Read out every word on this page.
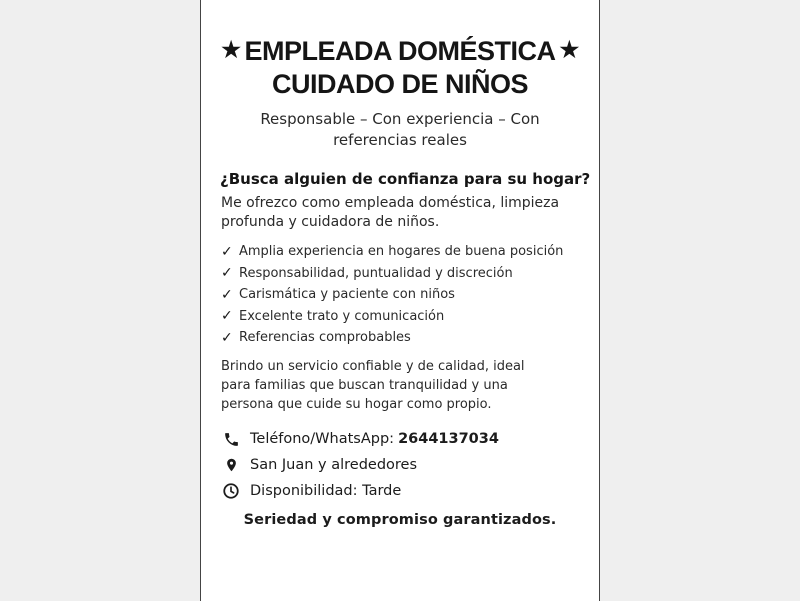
★ EMPLEADA DOMÉSTICA ★
CUIDADO DE NIÑOS
Responsable – Con experiencia – Con referencias reales
¿Busca alguien de confianza para su hogar?
Me ofrezco como empleada doméstica, limpieza profunda y cuidadora de niños.
✓ Amplia experiencia en hogares de buena posición
✓ Responsabilidad, puntualidad y discreción
✓ Carismática y paciente con niños
✓ Excelente trato y comunicación
✓ Referencias comprobables
Brindo un servicio confiable y de calidad, ideal para familias que buscan tranquilidad y una persona que cuide su hogar como propio.
Teléfono/WhatsApp: 2644137034
San Juan y alrededores
Disponibilidad: Tarde
Seriedad y compromiso garantizados.
